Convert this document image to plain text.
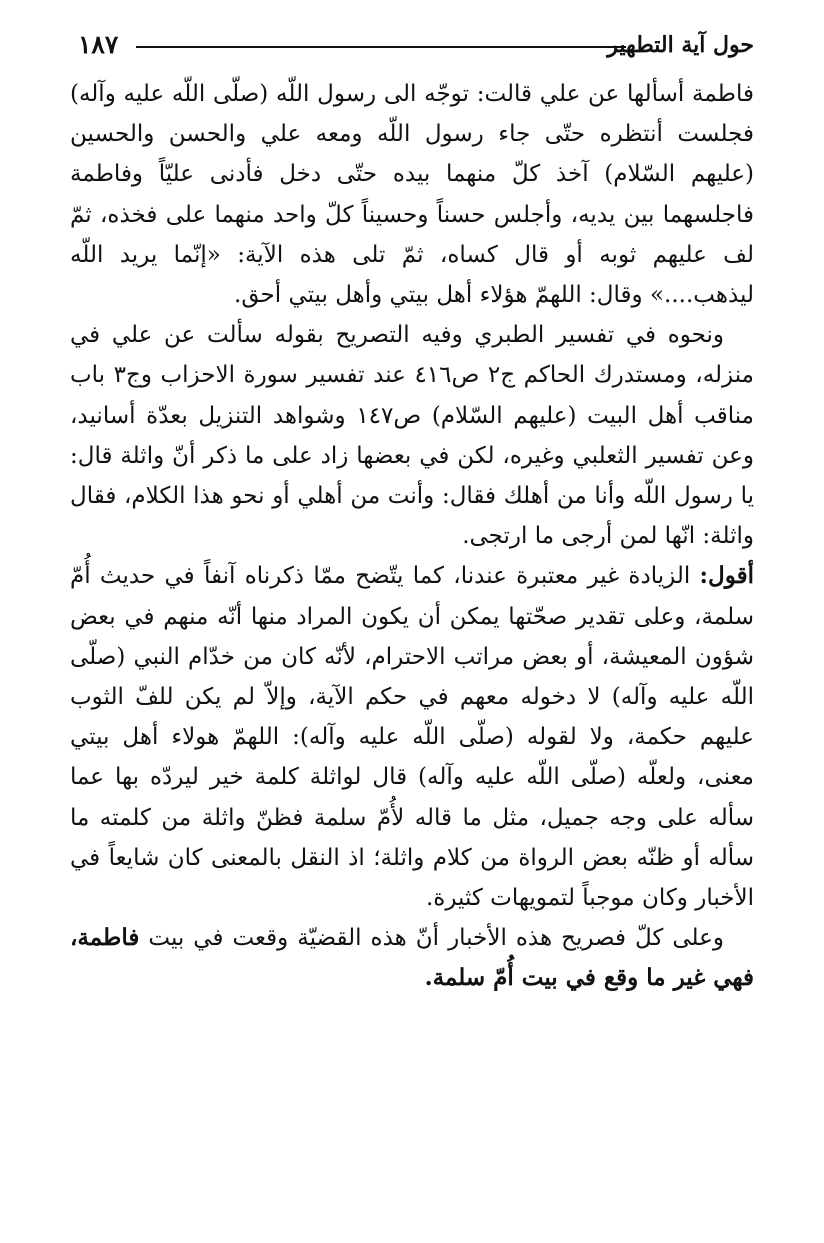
١٨٧	حول آية التطهير

فاطمة أسألها عن علي قالت: توجّه الى رسول اللّه (صلّى اللّه عليه وآله) فجلست أنتظره حتّى جاء رسول اللّه ومعه علي والحسن والحسين (عليهم السّلام) آخذ كلّ منهما بيده حتّى دخل فأدنى عليّاً وفاطمة فاجلسهما بين يديه، وأجلس حسناً وحسيناً كلّ واحد منهما على فخذه، ثمّ لف عليهم ثوبه أو قال كساه، ثمّ تلى هذه الآية: «إنّما يريد اللّه ليذهب....» وقال: اللهمّ هؤلاء أهل بيتي وأهل بيتي أحق.

ونحوه في تفسير الطبري وفيه التصريح بقوله سألت عن علي في منزله، ومستدرك الحاكم ج٢ ص٤١٦ عند تفسير سورة الاحزاب وج٣ باب مناقب أهل البيت (عليهم السّلام) ص١٤٧ وشواهد التنزيل بعدّة أسانيد، وعن تفسير الثعلبي وغيره، لكن في بعضها زاد على ما ذكر أنّ واثلة قال: يا رسول اللّه وأنا من أهلك فقال: وأنت من أهلي أو نحو هذا الكلام، فقال واثلة: انّها لمن أرجى ما ارتجى.

أقول: الزيادة غير معتبرة عندنا، كما يتّضح ممّا ذكرناه آنفاً في حديث أُمّ سلمة، وعلى تقدير صحّتها يمكن أن يكون المراد منها أنّه منهم في بعض شؤون المعيشة، أو بعض مراتب الاحترام، لأنّه كان من خدّام النبي (صلّى اللّه عليه وآله) لا دخوله معهم في حكم الآية، وإلاّ لم يكن للفّ الثوب عليهم حكمة، ولا لقوله (صلّى اللّه عليه وآله): اللهمّ هولاء أهل بيتي معنى، ولعلّه (صلّى اللّه عليه وآله) قال لواثلة كلمة خير ليردّه بها عما سأله على وجه جميل، مثل ما قاله لأُمّ سلمة فظنّ واثلة من كلمته ما سأله أو ظنّه بعض الرواة من كلام واثلة؛ اذ النقل بالمعنى كان شايعاً في الأخبار وكان موجباً لتمويهات كثيرة.

وعلى كلّ فصريح هذه الأخبار أنّ هذه القضيّة وقعت في بيت فاطمة، فهي غير ما وقع في بيت أُمّ سلمة.
